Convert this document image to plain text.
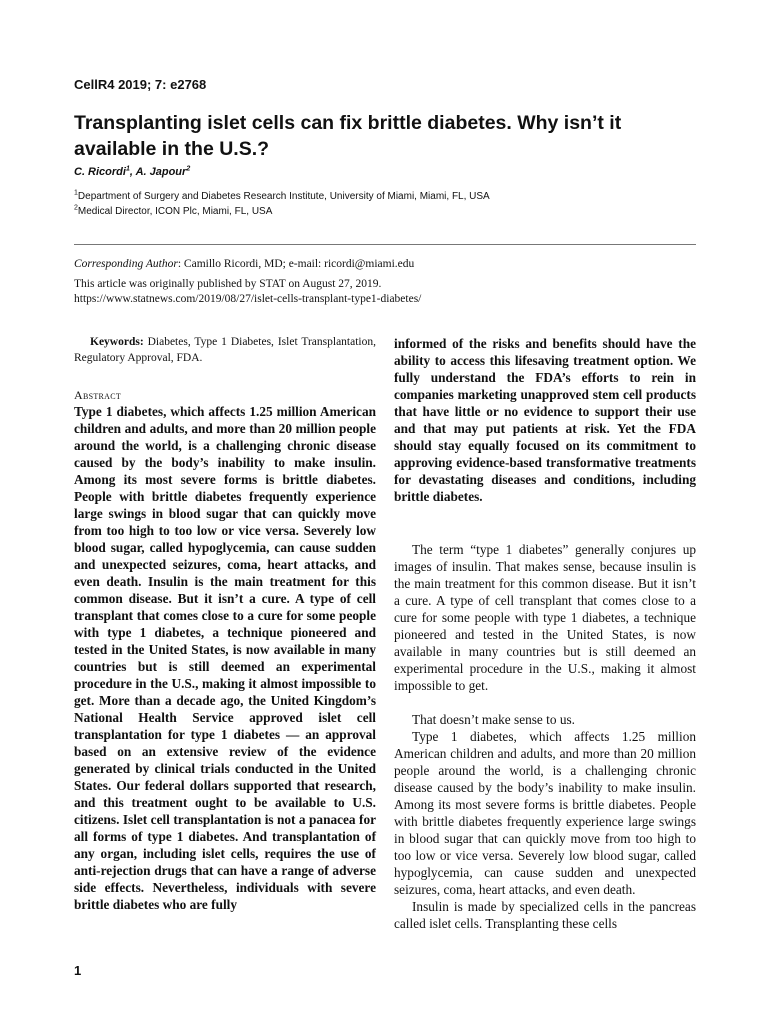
CellR4 2019; 7: e2768
Transplanting islet cells can fix brittle diabetes. Why isn’t it available in the U.S.?
C. Ricordi$^1$, A. Japour$^2$
$^1$Department of Surgery and Diabetes Research Institute, University of Miami, Miami, FL, USA
$^2$Medical Director, ICON Plc, Miami, FL, USA
Corresponding Author: Camillo Ricordi, MD; e-mail: ricordi@miami.edu
This article was originally published by STAT on August 27, 2019.
https://www.statnews.com/2019/08/27/islet-cells-transplant-type1-diabetes/

Keywords: Diabetes, Type 1 Diabetes, Islet Transplantation, Regulatory Approval, FDA.

Abstract

Type 1 diabetes, which affects 1.25 million American children and adults, and more than 20 million people around the world, is a challenging chronic disease caused by the body’s inability to make insulin. Among its most severe forms is brittle diabetes. People with brittle diabetes frequently experience large swings in blood sugar that can quickly move from too high to too low or vice versa. Severely low blood sugar, called hypoglycemia, can cause sudden and unexpected seizures, coma, heart attacks, and even death. Insulin is the main treatment for this common disease. But it isn’t a cure. A type of cell transplant that comes close to a cure for some people with type 1 diabetes, a technique pioneered and tested in the United States, is now available in many countries but is still deemed an experimental procedure in the U.S., making it almost impossible to get. More than a decade ago, the United Kingdom’s National Health Service approved islet cell transplantation for type 1 diabetes — an approval based on an extensive review of the evidence generated by clinical trials conducted in the United States. Our federal dollars supported that research, and this treatment ought to be available to U.S. citizens. Islet cell transplantation is not a panacea for all forms of type 1 diabetes. And transplantation of any organ, including islet cells, requires the use of anti-rejection drugs that can have a range of adverse side effects. Nevertheless, individuals with severe brittle diabetes who are fully

informed of the risks and benefits should have the ability to access this lifesaving treatment option. We fully understand the FDA’s efforts to rein in companies marketing unapproved stem cell products that have little or no evidence to support their use and that may put patients at risk. Yet the FDA should stay equally focused on its commitment to approving evidence-based transformative treatments for devastating diseases and conditions, including brittle diabetes.

The term “type 1 diabetes” generally conjures up images of insulin. That makes sense, because insulin is the main treatment for this common disease. But it isn’t a cure. A type of cell transplant that comes close to a cure for some people with type 1 diabetes, a technique pioneered and tested in the United States, is now available in many countries but is still deemed an experimental procedure in the U.S., making it almost impossible to get.

That doesn’t make sense to us.

Type 1 diabetes, which affects 1.25 million American children and adults, and more than 20 million people around the world, is a challenging chronic disease caused by the body’s inability to make insulin. Among its most severe forms is brittle diabetes. People with brittle diabetes frequently experience large swings in blood sugar that can quickly move from too high to too low or vice versa. Severely low blood sugar, called hypoglycemia, can cause sudden and unexpected seizures, coma, heart attacks, and even death.

Insulin is made by specialized cells in the pancreas called islet cells. Transplanting these cells

1
